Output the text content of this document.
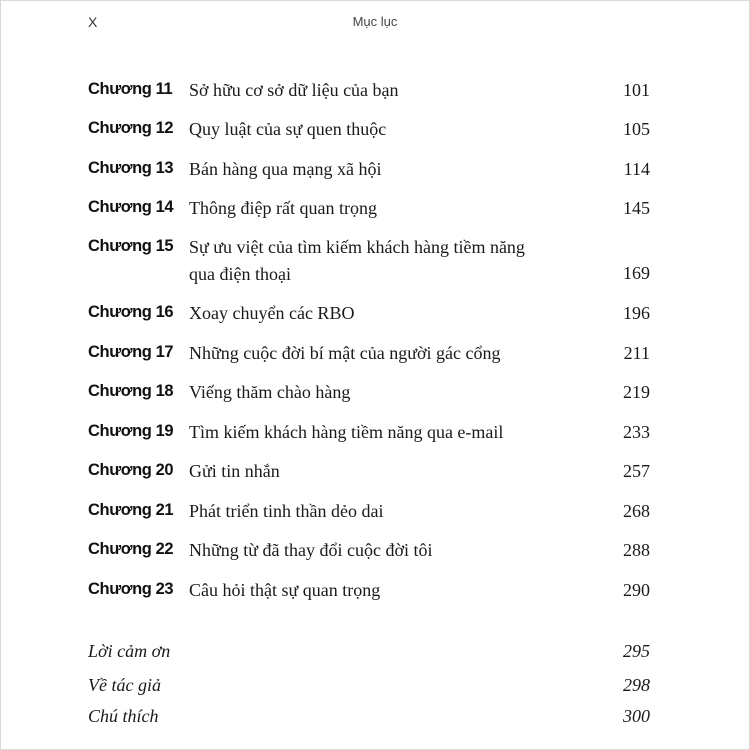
X	Mục lục
Chương 11 Sở hữu cơ sở dữ liệu của bạn	101
Chương 12 Quy luật của sự quen thuộc	105
Chương 13 Bán hàng qua mạng xã hội	114
Chương 14 Thông điệp rất quan trọng	145
Chương 15 Sự ưu việt của tìm kiếm khách hàng tiềm năng
qua điện thoại	169
Chương 16 Xoay chuyển các RBO	196
Chương 17 Những cuộc đời bí mật của người gác cổng	211
Chương 18 Viếng thăm chào hàng	219
Chương 19 Tìm kiếm khách hàng tiềm năng qua e-mail	233
Chương 20 Gửi tin nhắn	257
Chương 21 Phát triển tinh thần dẻo dai	268
Chương 22 Những từ đã thay đổi cuộc đời tôi	288
Chương 23 Câu hỏi thật sự quan trọng	290
Lời cảm ơn	295
Về tác giả	298
Chú thích	300
